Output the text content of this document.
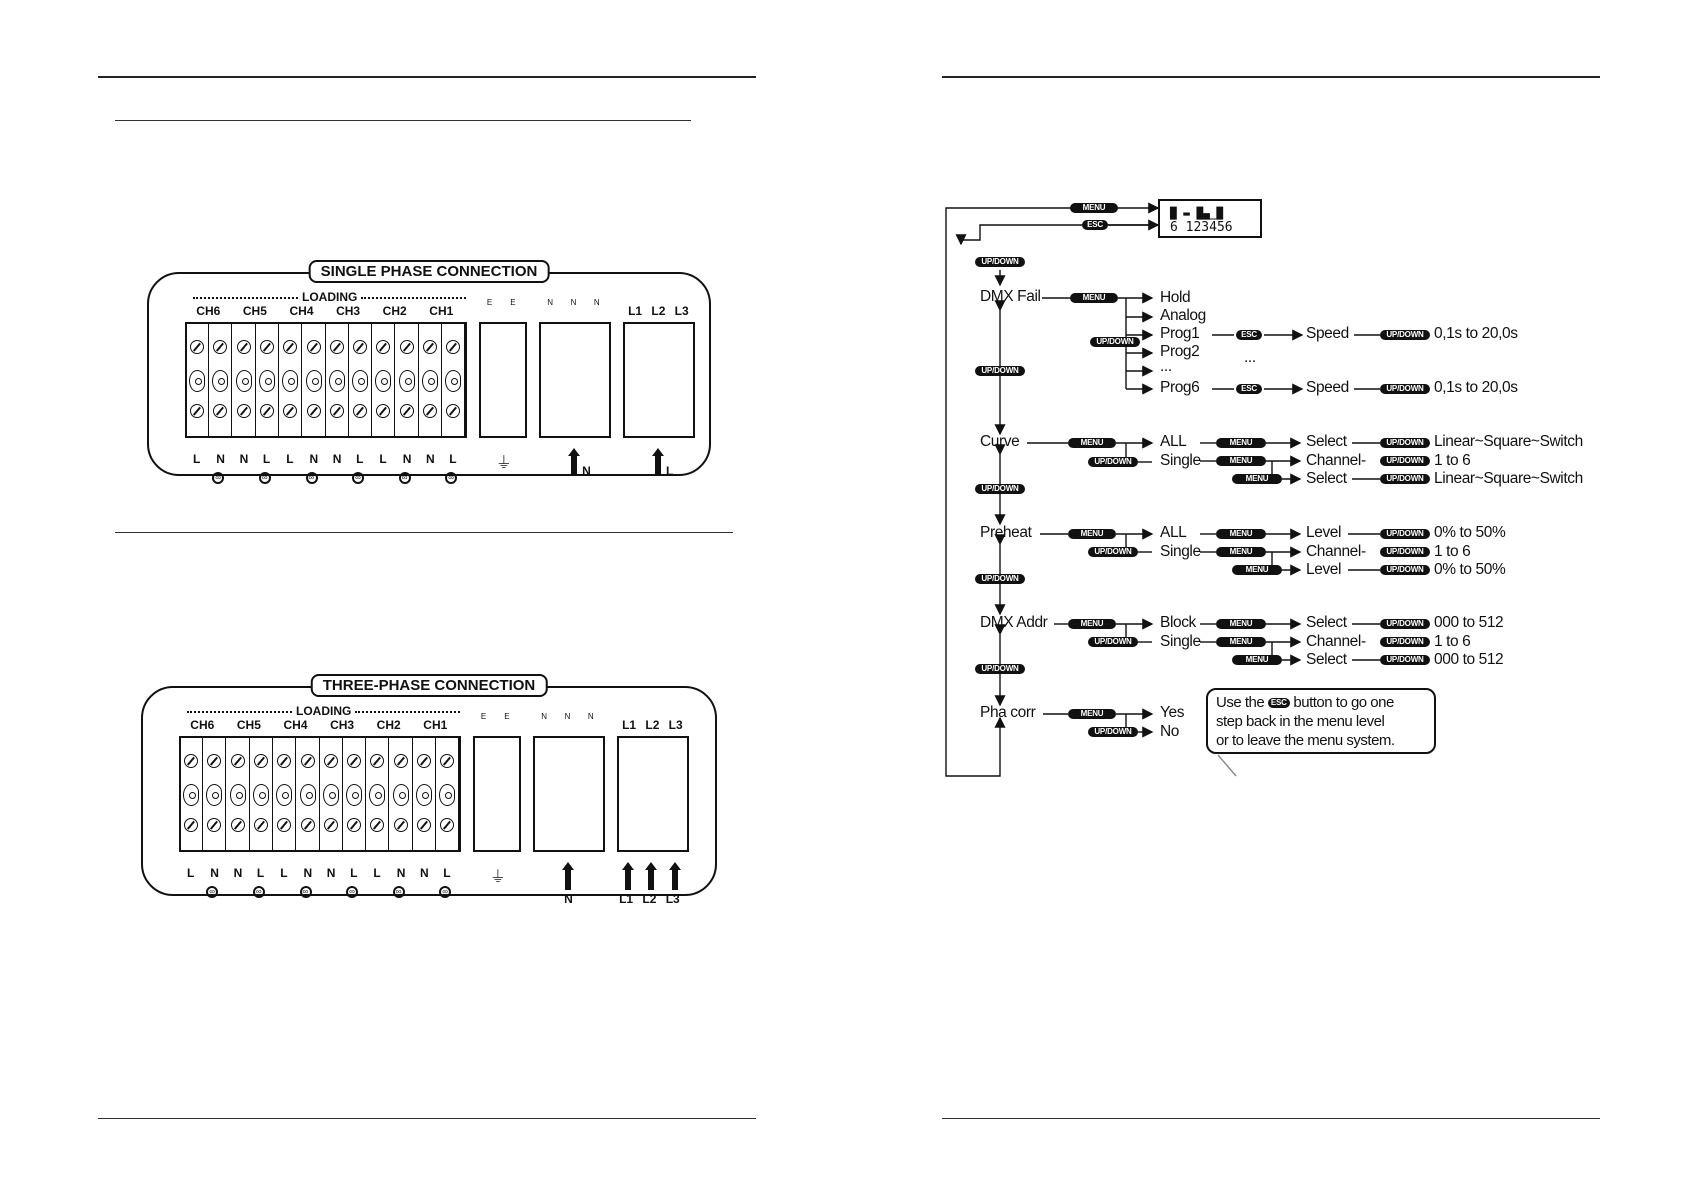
SINGLE PHASE CONNECTION
LOADING
CH6	CH5	CH4	CH3	CH2	CH1
L N N L L N N L L N N L
∞
∞
∞
∞
∞
∞
E	E
⏚
N	N	N
N
L1 L2 L3
L
THREE-PHASE CONNECTION
LOADING
CH6	CH5	CH4	CH3	CH2	CH1
L N N L L N N L L N N L
∞
∞
∞
∞
∞
∞
E	E
⏚
N	N	N
N
L1 L2 L3
L1 L2 L3
█ ▬ █▄_█
6 123456
MENU
ESC
UP/DOWN
DMX Fail
Curve
Preheat
DMX Addr
Pha corr
UP/DOWN
UP/DOWN
UP/DOWN
UP/DOWN
MENU
UP/DOWN
Hold
Analog
Prog1
Prog2
...
Prog6
ESC
ESC
Speed
Speed
...
UP/DOWN
UP/DOWN
0,1s to 20,0s
0,1s to 20,0s
MENU
UP/DOWN
ALL
Single
MENU
MENU
MENU
Select
Channel-
Select
UP/DOWN
UP/DOWN
UP/DOWN
Linear~Square~Switch
1 to 6
Linear~Square~Switch
MENU
UP/DOWN
ALL
Single
MENU
MENU
MENU
Level
Channel-
Level
UP/DOWN
UP/DOWN
UP/DOWN
0% to 50%
1 to 6
0% to 50%
MENU
UP/DOWN
Block
Single
MENU
MENU
MENU
Select
Channel-
Select
UP/DOWN
UP/DOWN
UP/DOWN
000 to 512
1 to 6
000 to 512
MENU
UP/DOWN
Yes
No
Use the ESC button to go one
step back in the menu level
or to leave the menu system.
